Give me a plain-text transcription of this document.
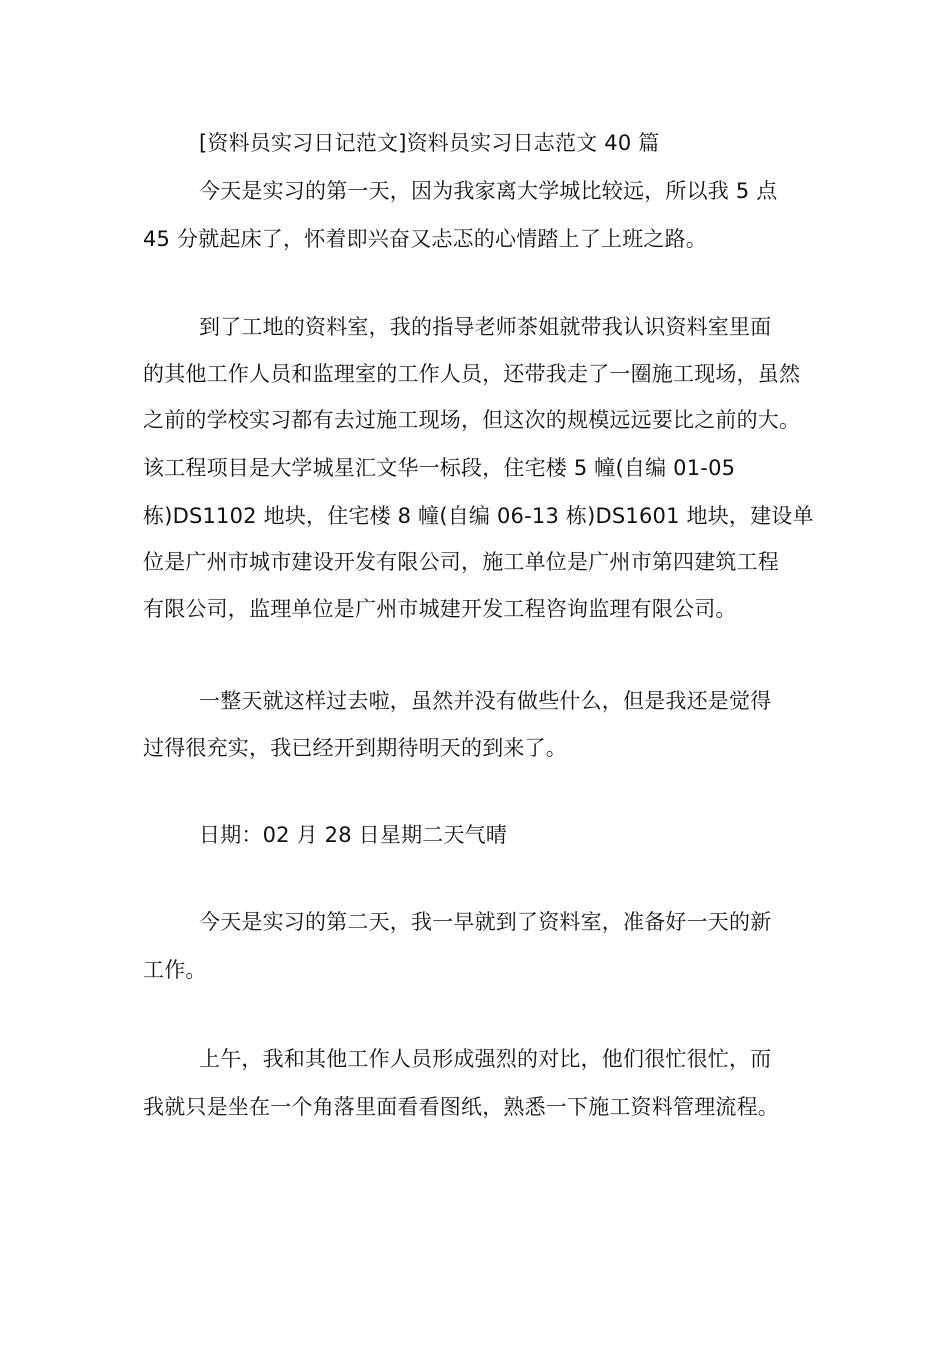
[资料员实习日记范文]资料员实习日志范文 40 篇
今天是实习的第一天，因为我家离大学城比较远，所以我 5 点
45 分就起床了，怀着即兴奋又忐忑的心情踏上了上班之路。
到了工地的资料室，我的指导老师茶姐就带我认识资料室里面
的其他工作人员和监理室的工作人员，还带我走了一圈施工现场，虽然
之前的学校实习都有去过施工现场，但这次的规模远远要比之前的大。
该工程项目是大学城星汇文华一标段，住宅楼 5 幢(自编 01-05
栋)DS1102 地块，住宅楼 8 幢(自编 06-13 栋)DS1601 地块，建设单
位是广州市城市建设开发有限公司，施工单位是广州市第四建筑工程
有限公司，监理单位是广州市城建开发工程咨询监理有限公司。
一整天就这样过去啦，虽然并没有做些什么，但是我还是觉得
过得很充实，我已经开到期待明天的到来了。
日期：02 月 28 日星期二天气晴
今天是实习的第二天，我一早就到了资料室，准备好一天的新
工作。
上午，我和其他工作人员形成强烈的对比，他们很忙很忙，而
我就只是坐在一个角落里面看看图纸，熟悉一下施工资料管理流程。
